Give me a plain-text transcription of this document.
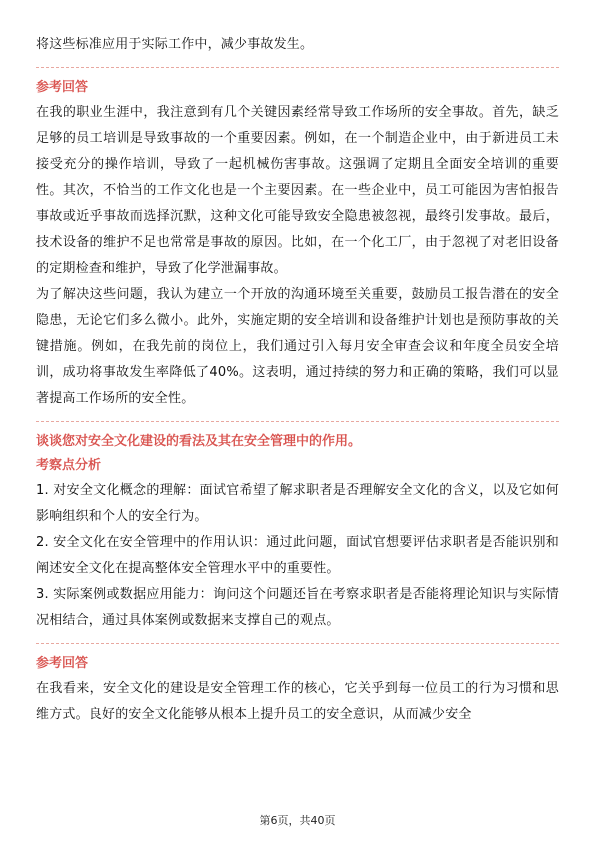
将这些标准应用于实际工作中，减少事故发生。

参考回答

在我的职业生涯中，我注意到有几个关键因素经常导致工作场所的安全事故。首先，缺乏足够的员工培训是导致事故的一个重要因素。例如，在一个制造企业中，由于新进员工未接受充分的操作培训，导致了一起机械伤害事故。这强调了定期且全面安全培训的重要性。其次，不恰当的工作文化也是一个主要因素。在一些企业中，员工可能因为害怕报告事故或近乎事故而选择沉默，这种文化可能导致安全隐患被忽视，最终引发事故。最后，技术设备的维护不足也常常是事故的原因。比如，在一个化工厂，由于忽视了对老旧设备的定期检查和维护，导致了化学泄漏事故。

为了解决这些问题，我认为建立一个开放的沟通环境至关重要，鼓励员工报告潜在的安全隐患，无论它们多么微小。此外，实施定期的安全培训和设备维护计划也是预防事故的关键措施。例如，在我先前的岗位上，我们通过引入每月安全审查会议和年度全员安全培训，成功将事故发生率降低了40%。这表明，通过持续的努力和正确的策略，我们可以显著提高工作场所的安全性。

谈谈您对安全文化建设的看法及其在安全管理中的作用。

考察点分析

1. 对安全文化概念的理解：面试官希望了解求职者是否理解安全文化的含义，以及它如何影响组织和个人的安全行为。

2. 安全文化在安全管理中的作用认识：通过此问题，面试官想要评估求职者是否能识别和阐述安全文化在提高整体安全管理水平中的重要性。

3. 实际案例或数据应用能力：询问这个问题还旨在考察求职者是否能将理论知识与实际情况相结合，通过具体案例或数据来支撑自己的观点。

参考回答

在我看来，安全文化的建设是安全管理工作的核心，它关乎到每一位员工的行为习惯和思维方式。良好的安全文化能够从根本上提升员工的安全意识，从而减少安全

第6页，共40页
